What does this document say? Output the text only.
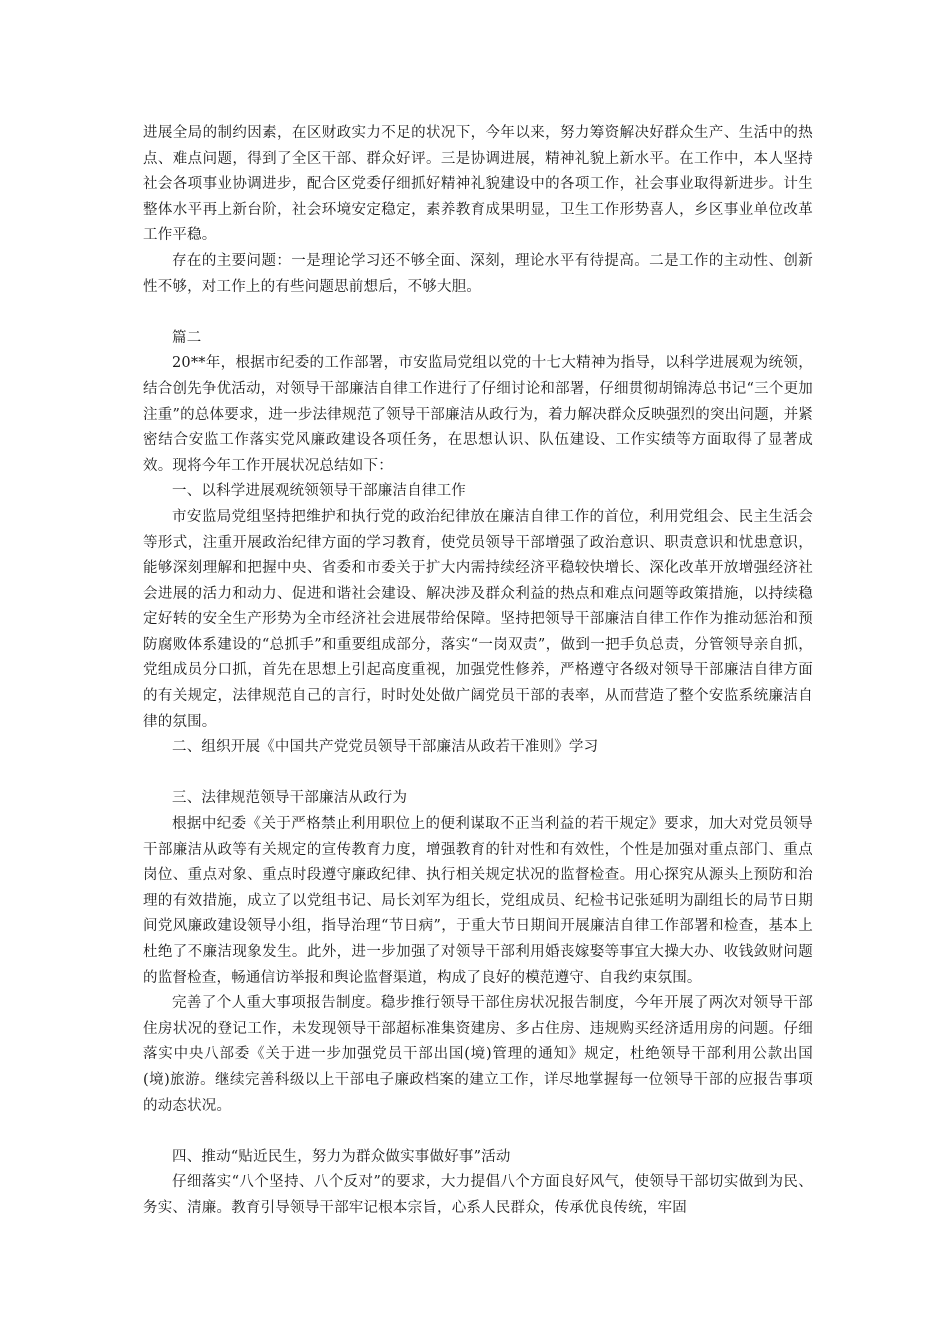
进展全局的制约因素，在区财政实力不足的状况下，今年以来，努力筹资解决好群众生产、生活中的热点、难点问题，得到了全区干部、群众好评。三是协调进展，精神礼貌上新水平。在工作中，本人坚持社会各项事业协调进步，配合区党委仔细抓好精神礼貌建设中的各项工作，社会事业取得新进步。计生整体水平再上新台阶，社会环境安定稳定，素养教育成果明显，卫生工作形势喜人，乡区事业单位改革工作平稳。

存在的主要问题：一是理论学习还不够全面、深刻，理论水平有待提高。二是工作的主动性、创新性不够，对工作上的有些问题思前想后，不够大胆。

篇二

20**年，根据市纪委的工作部署，市安监局党组以党的十七大精神为指导，以科学进展观为统领，结合创先争优活动，对领导干部廉洁自律工作进行了仔细讨论和部署，仔细贯彻胡锦涛总书记“三个更加注重”的总体要求，进一步法律规范了领导干部廉洁从政行为，着力解决群众反映强烈的突出问题，并紧密结合安监工作落实党风廉政建设各项任务，在思想认识、队伍建设、工作实绩等方面取得了显著成效。现将今年工作开展状况总结如下：

一、以科学进展观统领领导干部廉洁自律工作

市安监局党组坚持把维护和执行党的政治纪律放在廉洁自律工作的首位，利用党组会、民主生活会等形式，注重开展政治纪律方面的学习教育，使党员领导干部增强了政治意识、职责意识和忧患意识，能够深刻理解和把握中央、省委和市委关于扩大内需持续经济平稳较快增长、深化改革开放增强经济社会进展的活力和动力、促进和谐社会建设、解决涉及群众利益的热点和难点问题等政策措施，以持续稳定好转的安全生产形势为全市经济社会进展带给保障。坚持把领导干部廉洁自律工作作为推动惩治和预防腐败体系建设的“总抓手”和重要组成部分，落实“一岗双责”，做到一把手负总责，分管领导亲自抓，党组成员分口抓，首先在思想上引起高度重视，加强党性修养，严格遵守各级对领导干部廉洁自律方面的有关规定，法律规范自己的言行，时时处处做广阔党员干部的表率，从而营造了整个安监系统廉洁自律的氛围。

二、组织开展《中国共产党党员领导干部廉洁从政若干准则》学习

三、法律规范领导干部廉洁从政行为

根据中纪委《关于严格禁止利用职位上的便利谋取不正当利益的若干规定》要求，加大对党员领导干部廉洁从政等有关规定的宣传教育力度，增强教育的针对性和有效性，个性是加强对重点部门、重点岗位、重点对象、重点时段遵守廉政纪律、执行相关规定状况的监督检查。用心探究从源头上预防和治理的有效措施，成立了以党组书记、局长刘军为组长，党组成员、纪检书记张延明为副组长的局节日期间党风廉政建设领导小组，指导治理“节日病”，于重大节日期间开展廉洁自律工作部署和检查，基本上杜绝了不廉洁现象发生。此外，进一步加强了对领导干部利用婚丧嫁娶等事宜大操大办、收钱敛财问题的监督检查，畅通信访举报和舆论监督渠道，构成了良好的模范遵守、自我约束氛围。

完善了个人重大事项报告制度。稳步推行领导干部住房状况报告制度，今年开展了两次对领导干部住房状况的登记工作，未发现领导干部超标准集资建房、多占住房、违规购买经济适用房的问题。仔细落实中央八部委《关于进一步加强党员干部出国(境)管理的通知》规定，杜绝领导干部利用公款出国(境)旅游。继续完善科级以上干部电子廉政档案的建立工作，详尽地掌握每一位领导干部的应报告事项的动态状况。

四、推动“贴近民生，努力为群众做实事做好事”活动

仔细落实“八个坚持、八个反对”的要求，大力提倡八个方面良好风气，使领导干部切实做到为民、务实、清廉。教育引导领导干部牢记根本宗旨，心系人民群众，传承优良传统，牢固
